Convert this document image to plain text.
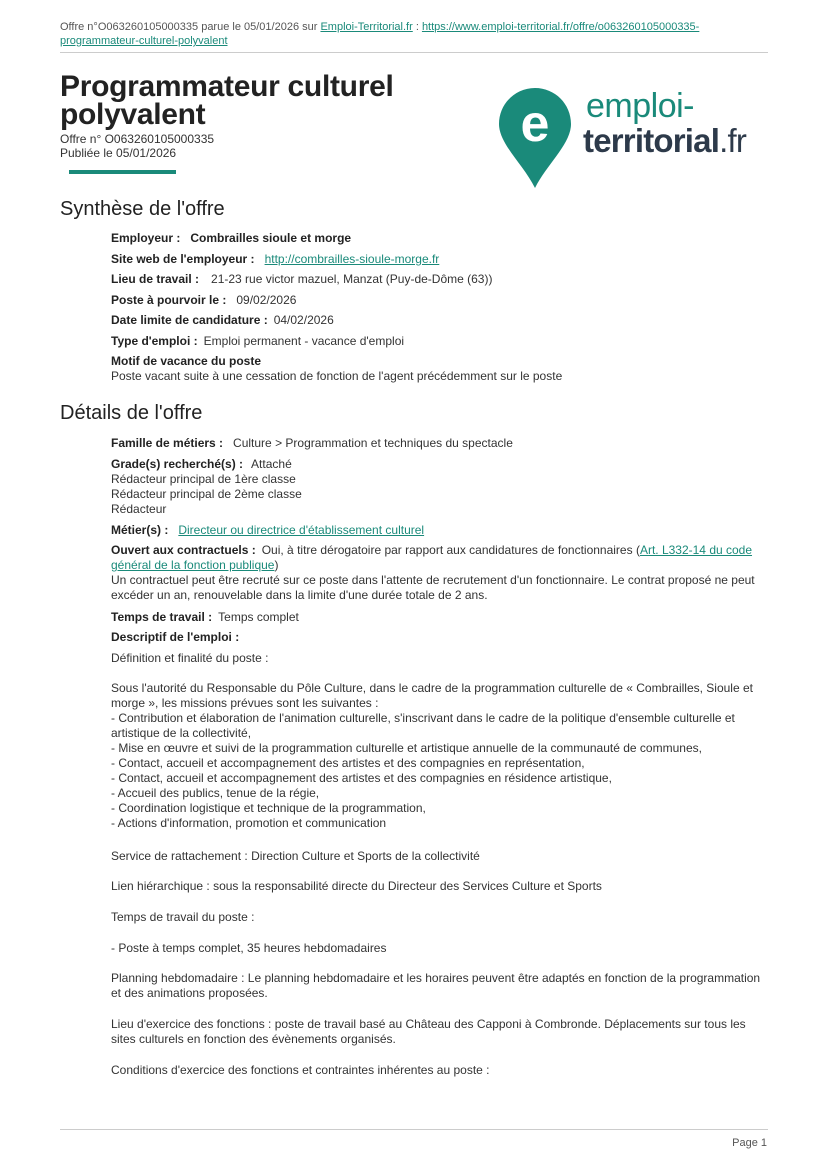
Offre n°O063260105000335 parue le 05/01/2026 sur Emploi-Territorial.fr : https://www.emploi-territorial.fr/offre/o063260105000335-programmateur-culturel-polyvalent
Programmateur culturel polyvalent
Offre n° O063260105000335
Publiée le 05/01/2026	e emploi-
territorial.fr
Synthèse de l'offre
Employeur : Combrailles sioule et morge
Site web de l'employeur : http://combrailles-sioule-morge.fr
Lieu de travail : 21-23 rue victor mazuel, Manzat (Puy-de-Dôme (63))
Poste à pourvoir le : 09/02/2026
Date limite de candidature : 04/02/2026
Type d'emploi : Emploi permanent - vacance d'emploi
Motif de vacance du poste
Poste vacant suite à une cessation de fonction de l'agent précédemment sur le poste
Détails de l'offre
Famille de métiers : Culture > Programmation et techniques du spectacle
Grade(s) recherché(s) : Attaché
Rédacteur principal de 1ère classe
Rédacteur principal de 2ème classe
Rédacteur
Métier(s) : Directeur ou directrice d'établissement culturel
Ouvert aux contractuels : Oui, à titre dérogatoire par rapport aux candidatures de fonctionnaires (Art. L332-14 du code général de la fonction publique)
Un contractuel peut être recruté sur ce poste dans l'attente de recrutement d'un fonctionnaire. Le contrat proposé ne peut excéder un an, renouvelable dans la limite d'une durée totale de 2 ans.
Temps de travail : Temps complet
Descriptif de l'emploi :
Définition et finalité du poste :
Sous l'autorité du Responsable du Pôle Culture, dans le cadre de la programmation culturelle de « Combrailles, Sioule et morge », les missions prévues sont les suivantes :
- Contribution et élaboration de l'animation culturelle, s'inscrivant dans le cadre de la politique d'ensemble culturelle et artistique de la collectivité,
- Mise en œuvre et suivi de la programmation culturelle et artistique annuelle de la communauté de communes,
- Contact, accueil et accompagnement des artistes et des compagnies en représentation,
- Contact, accueil et accompagnement des artistes et des compagnies en résidence artistique,
- Accueil des publics, tenue de la régie,
- Coordination logistique et technique de la programmation,
- Actions d'information, promotion et communication
Service de rattachement : Direction Culture et Sports de la collectivité
Lien hiérarchique : sous la responsabilité directe du Directeur des Services Culture et Sports
Temps de travail du poste :
- Poste à temps complet, 35 heures hebdomadaires
Planning hebdomadaire : Le planning hebdomadaire et les horaires peuvent être adaptés en fonction de la programmation et des animations proposées.
Lieu d'exercice des fonctions : poste de travail basé au Château des Capponi à Combronde. Déplacements sur tous les sites culturels en fonction des évènements organisés.
Conditions d'exercice des fonctions et contraintes inhérentes au poste :
Page 1
